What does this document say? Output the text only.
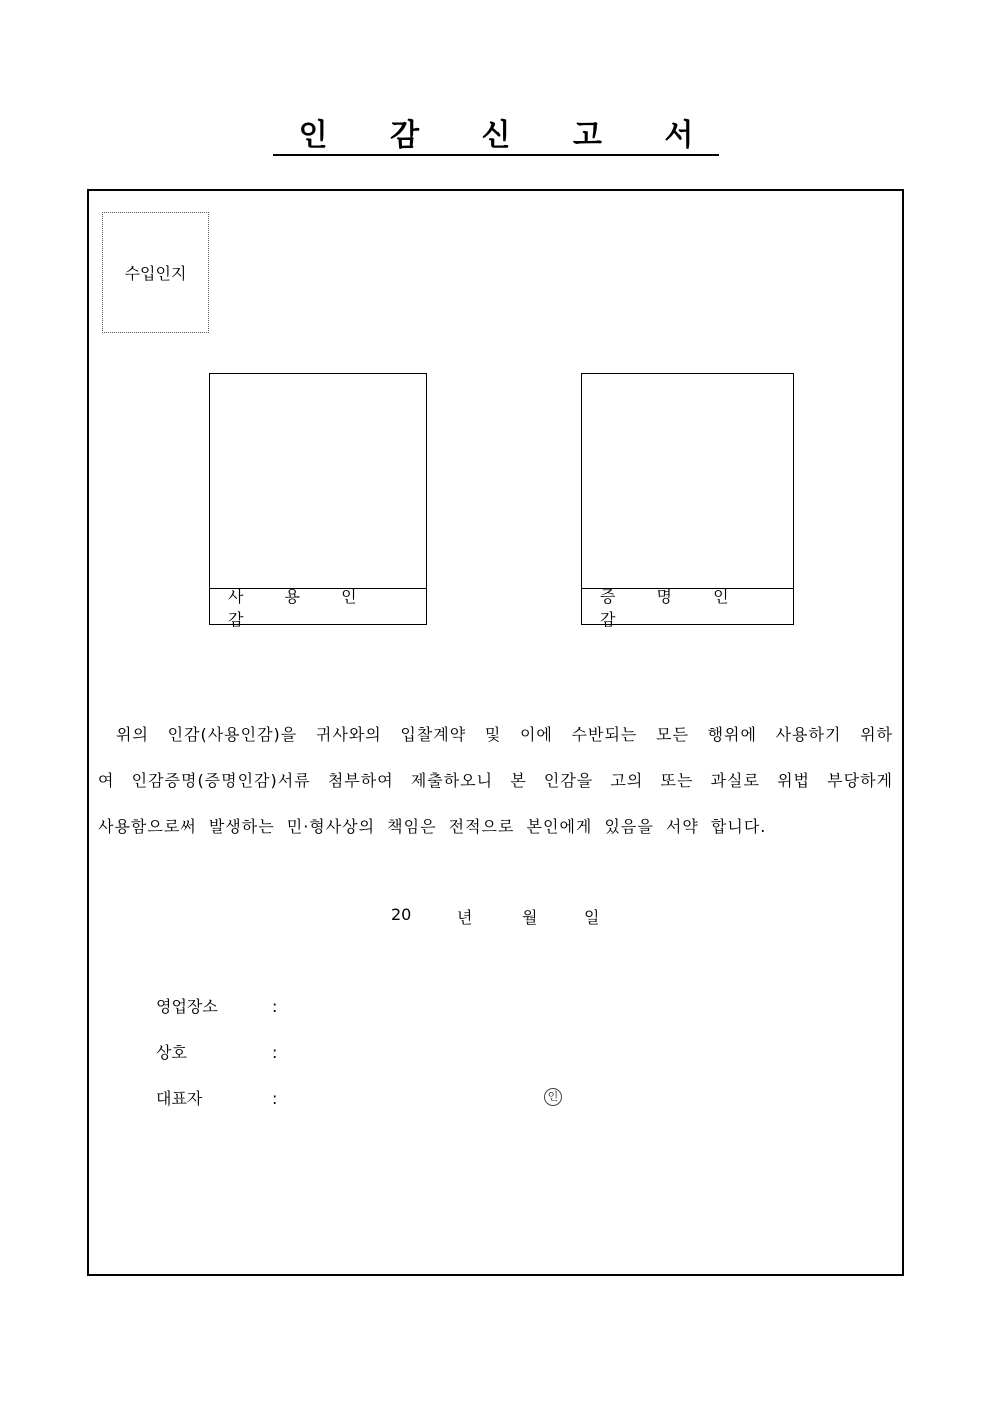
인 감 신 고 서
수입인지
사 용 인 감
증 명 인 감
위의 인감(사용인감)을 귀사와의 입찰계약 및 이에 수반되는 모든 행위에 사용하기 위하
여 인감증명(증명인감)서류 첨부하여 제출하오니 본 인감을 고의 또는 과실로 위법 부당하게
사용함으로써 발생하는 민·형사상의 책임은 전적으로 본인에게 있음을 서약 합니다.
20	년	월	일
영업장소	:
상호	:
대표자	:	인
